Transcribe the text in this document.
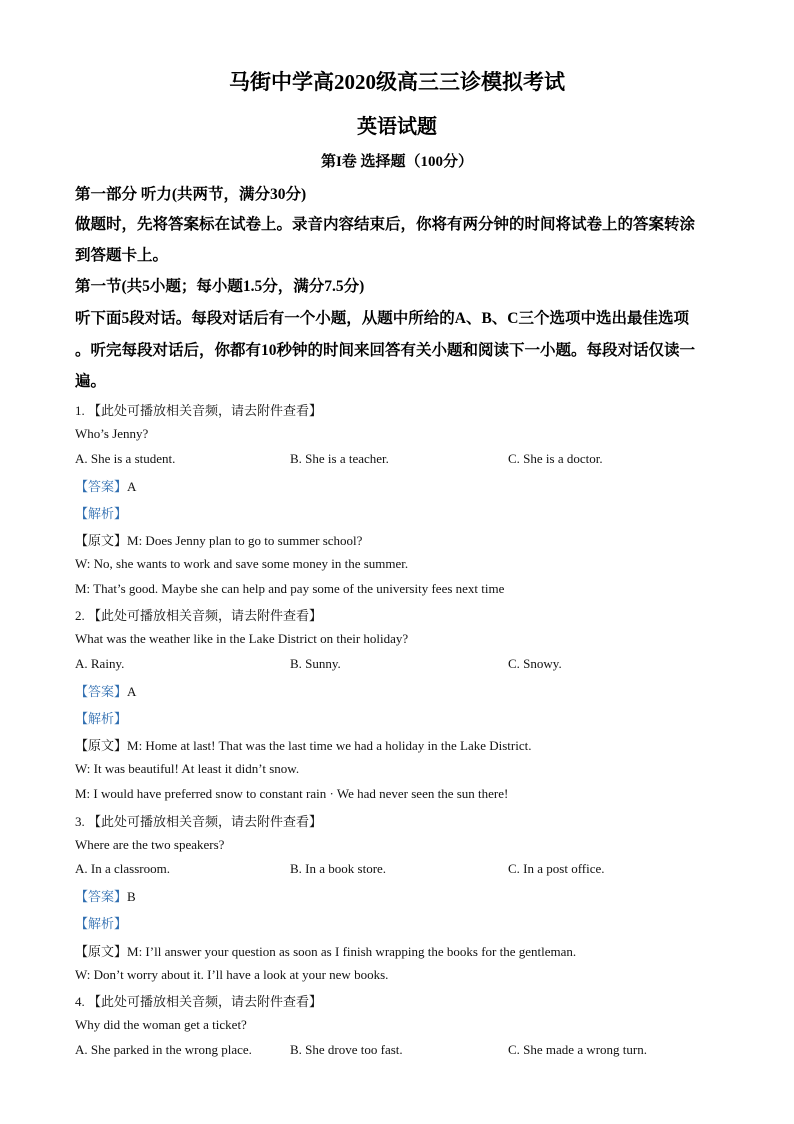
马街中学高2020级高三三诊模拟考试
英语试题
第I卷 选择题（100分）
第一部分 听力(共两节，满分30分)
做题时，先将答案标在试卷上。录音内容结束后，你将有两分钟的时间将试卷上的答案转涂
到答题卡上。
第一节(共5小题；每小题1.5分，满分7.5分)
听下面5段对话。每段对话后有一个小题，从题中所给的A、B、C三个选项中选出最佳选项
。听完每段对话后，你都有10秒钟的时间来回答有关小题和阅读下一小题。每段对话仅读一
遍。
1. 【此处可播放相关音频，请去附件查看】
Who’s Jenny?
A. She is a student.	B. She is a teacher.	C. She is a doctor.
【答案】A
【解析】
【原文】M: Does Jenny plan to go to summer school?
W: No, she wants to work and save some money in the summer.
M: That’s good. Maybe she can help and pay some of the university fees next time
2. 【此处可播放相关音频，请去附件查看】
What was the weather like in the Lake District on their holiday?
A. Rainy.	B. Sunny.	C. Snowy.
【答案】A
【解析】
【原文】M: Home at last! That was the last time we had a holiday in the Lake District.
W: It was beautiful! At least it didn’t snow.
M: I would have preferred snow to constant rain · We had never seen the sun there!
3. 【此处可播放相关音频，请去附件查看】
Where are the two speakers?
A. In a classroom.	B. In a book store.	C. In a post office.
【答案】B
【解析】
【原文】M: I’ll answer your question as soon as I finish wrapping the books for the gentleman.
W: Don’t worry about it. I’ll have a look at your new books.
4. 【此处可播放相关音频，请去附件查看】
Why did the woman get a ticket?
A. She parked in the wrong place.	B. She drove too fast.	C. She made a wrong turn.
